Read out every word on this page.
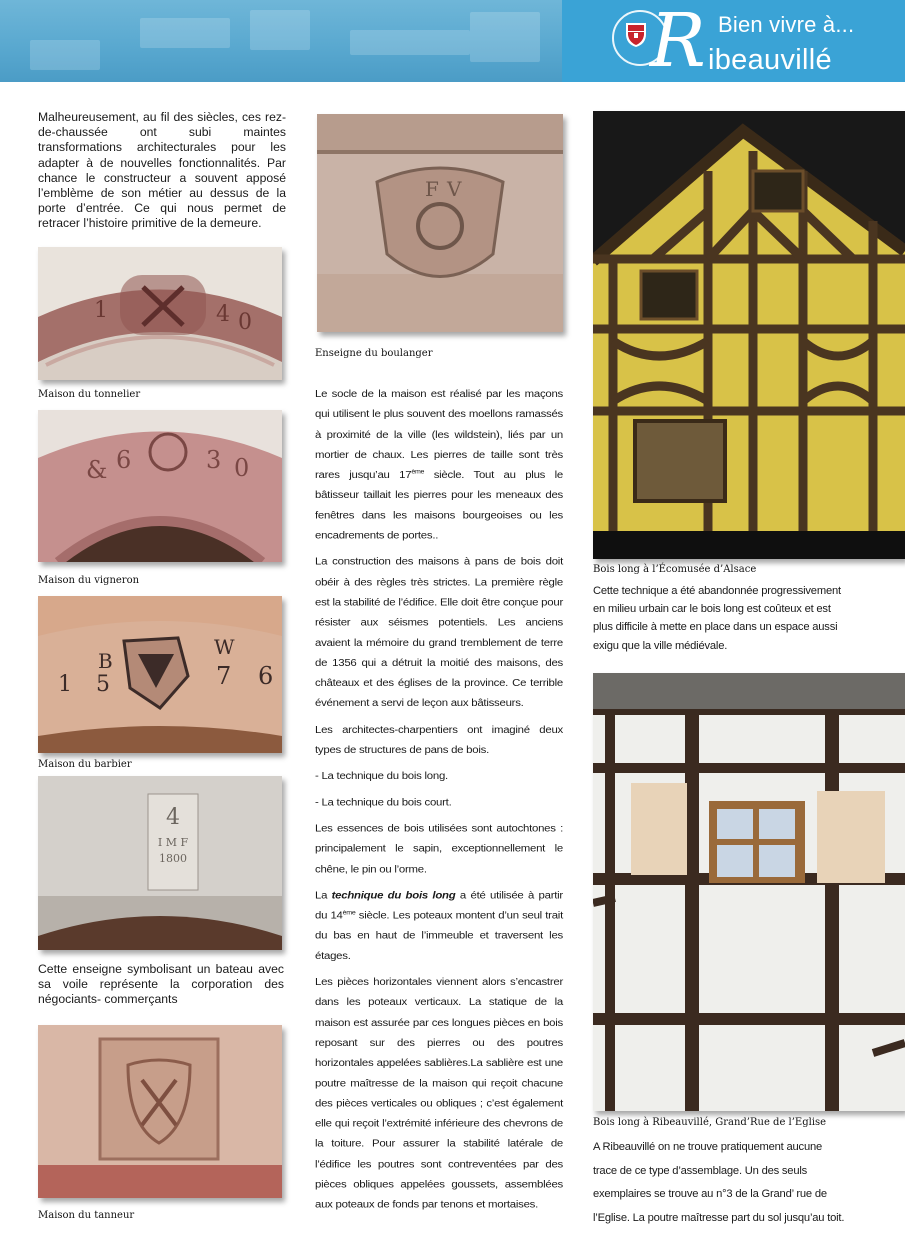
R Bien vivre à...
ibeauvillé
Malheureusement, au fil des siècles, ces rez-de-chaussée ont subi maintes transformations architecturales pour les adapter à de nouvelles fonctionnalités. Par chance le constructeur a souvent apposé l’emblème de son métier au dessus de la porte d’entrée. Ce qui nous permet de retracer l’histoire primitive de la demeure.
1	4 0
Maison du tonnelier
& 6	3 0
Maison du vigneron
1
B
5
W
7 6
Maison du barbier
4
I M F
1800
Cette enseigne symbolisant un bateau avec sa voile représente la corporation des négociants- commerçants
Maison du tanneur
F V
Enseigne du boulanger

Le socle de la maison est réalisé par les maçons qui utilisent le plus souvent des moellons ramassés à proximité de la ville (les wildstein), liés par un mortier de chaux. Les pierres de taille sont très rares jusqu’au 17ème siècle. Tout au plus le bâtisseur taillait les pierres pour les meneaux des fenêtres dans les maisons bourgeoises ou les encadrements de portes..

La construction des maisons à pans de bois doit obéir à des règles très strictes. La première règle est la stabilité de l’édifice. Elle doit être conçue pour résister aux séismes potentiels. Les anciens avaient la mémoire du grand tremblement de terre de 1356 qui a détruit la moitié des maisons, des châteaux et des églises de la province. Ce terrible événement a servi de leçon aux bâtisseurs.

Les architectes-charpentiers ont imaginé deux types de structures de pans de bois.

- La technique du bois long.

- La technique du bois court.

Les essences de bois utilisées sont autochtones : principalement le sapin, exceptionnellement le chêne, le pin ou l’orme.

La technique du bois long a été utilisée à partir du 14ème siècle. Les poteaux montent d’un seul trait du bas en haut de l’immeuble et traversent les étages.

Les pièces horizontales viennent alors s’encastrer dans les poteaux verticaux. La statique de la maison est assurée par ces longues pièces en bois reposant sur des pierres ou des poutres horizontales appelées sablières.La sablière est une poutre maîtresse de la maison qui reçoit chacune des pièces verticales ou obliques ; c’est également elle qui reçoit l’extrémité inférieure des chevrons de la toiture. Pour assurer la stabilité latérale de l’édifice les poutres sont contreventées par des pièces obliques appelées goussets, assemblées aux poteaux de fonds par tenons et mortaises.

Bois long à l’Écomusée d’Alsace
Cette technique a été abandonnée progressivement en milieu urbain car le bois long est coûteux et est plus difficile à mette en place dans un espace aussi exigu que la ville médiévale.
Bois long à Ribeauvillé, Grand’Rue de l’Eglise
A Ribeauvillé on ne trouve pratiquement aucune trace de ce type d’assemblage. Un des seuls exemplaires se trouve au n°3 de la Grand’ rue de l’Eglise. La poutre maîtresse part du sol jusqu’au toit.
